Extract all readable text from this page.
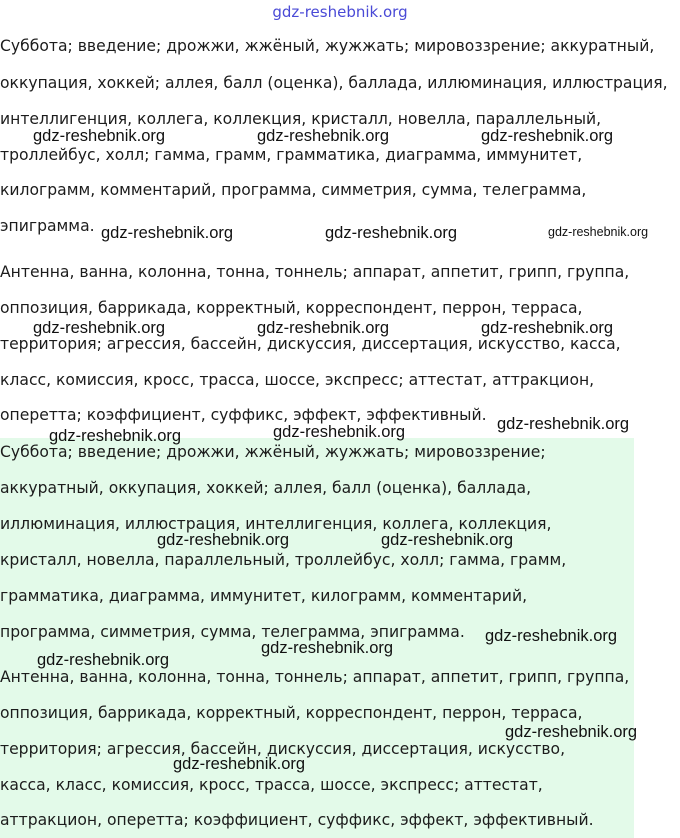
gdz-reshebnik.org
Суббота; введение; дрожжи, жжёный, жужжать; мировоззрение; аккуратный,
оккупация, хоккей; аллея, балл (оценка), баллада, иллюминация, иллюстрация,
интеллигенция, коллега, коллекция, кристалл, новелла, параллельный,
троллейбус, холл; гамма, грамм, грамматика, диаграмма, иммунитет,
килограмм, комментарий, программа, симметрия, сумма, телеграмма,
эпиграмма.
Антенна, ванна, колонна, тонна, тоннель; аппарат, аппетит, грипп, группа,
оппозиция, баррикада, корректный, корреспондент, перрон, терраса,
территория; агрессия, бассейн, дискуссия, диссертация, искусство, касса,
класс, комиссия, кросс, трасса, шоссе, экспресс; аттестат, аттракцион,
оперетта; коэффициент, суффикс, эффект, эффективный.
Суббота; введение; дрожжи, жжёный, жужжать; мировоззрение;
аккуратный, оккупация, хоккей; аллея, балл (оценка), баллада,
иллюминация, иллюстрация, интеллигенция, коллега, коллекция,
кристалл, новелла, параллельный, троллейбус, холл; гамма, грамм,
грамматика, диаграмма, иммунитет, килограмм, комментарий,
программа, симметрия, сумма, телеграмма, эпиграмма.
Антенна, ванна, колонна, тонна, тоннель; аппарат, аппетит, грипп, группа,
оппозиция, баррикада, корректный, корреспондент, перрон, терраса,
территория; агрессия, бассейн, дискуссия, диссертация, искусство,
касса, класс, комиссия, кросс, трасса, шоссе, экспресс; аттестат,
аттракцион, оперетта; коэффициент, суффикс, эффект, эффективный.
gdz-reshebnik.org	gdz-reshebnik.org	gdz-reshebnik.org
gdz-reshebnik.org	gdz-reshebnik.org	gdz-reshebnik.org
gdz-reshebnik.org	gdz-reshebnik.org	gdz-reshebnik.org
gdz-reshebnik.org
gdz-reshebnik.org	gdz-reshebnik.org
gdz-reshebnik.org	gdz-reshebnik.org
gdz-reshebnik.org
gdz-reshebnik.org
gdz-reshebnik.org
gdz-reshebnik.org
gdz-reshebnik.org
